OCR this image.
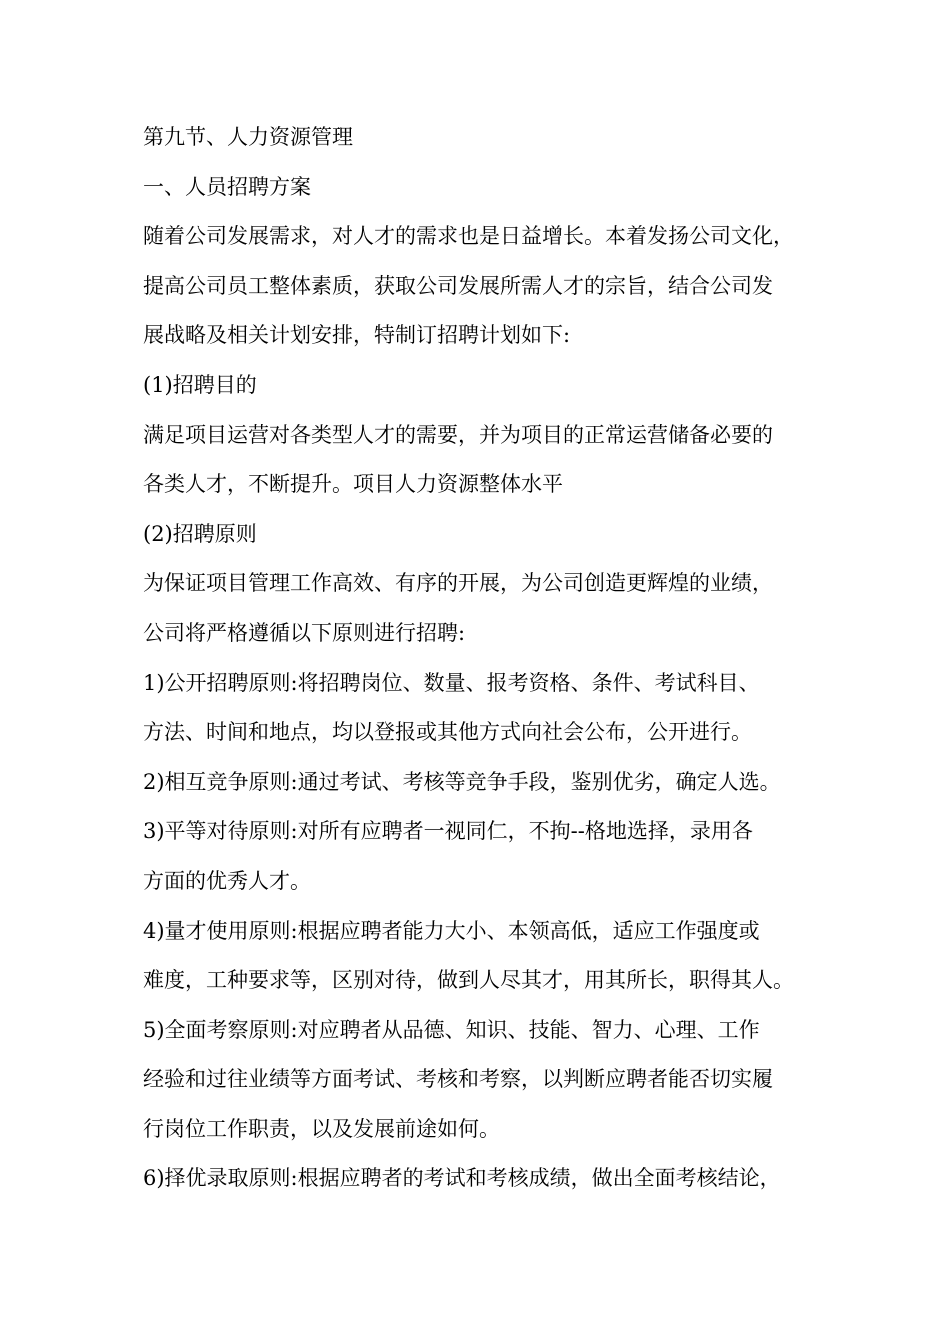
第九节、人力资源管理
一、人员招聘方案
随着公司发展需求，对人才的需求也是日益增长。本着发扬公司文化，
提高公司员工整体素质，获取公司发展所需人才的宗旨，结合公司发
展战略及相关计划安排，特制订招聘计划如下:
(1)招聘目的
满足项目运营对各类型人才的需要，并为项目的正常运营储备必要的
各类人才，不断提升。项目人力资源整体水平
(2)招聘原则
为保证项目管理工作高效、有序的开展，为公司创造更辉煌的业绩，
公司将严格遵循以下原则进行招聘:
1)公开招聘原则:将招聘岗位、数量、报考资格、条件、考试科目、
方法、时间和地点，均以登报或其他方式向社会公布，公开进行。
2)相互竞争原则:通过考试、考核等竞争手段，鉴别优劣，确定人选。
3)平等对待原则:对所有应聘者一视同仁，不拘--格地选择，录用各
方面的优秀人才。
4)量才使用原则:根据应聘者能力大小、本领高低，适应工作强度或
难度，工种要求等，区别对待，做到人尽其才，用其所长，职得其人。
5)全面考察原则:对应聘者从品德、知识、技能、智力、心理、工作
经验和过往业绩等方面考试、考核和考察，以判断应聘者能否切实履
行岗位工作职责，以及发展前途如何。
6)择优录取原则:根据应聘者的考试和考核成绩，做出全面考核结论，
